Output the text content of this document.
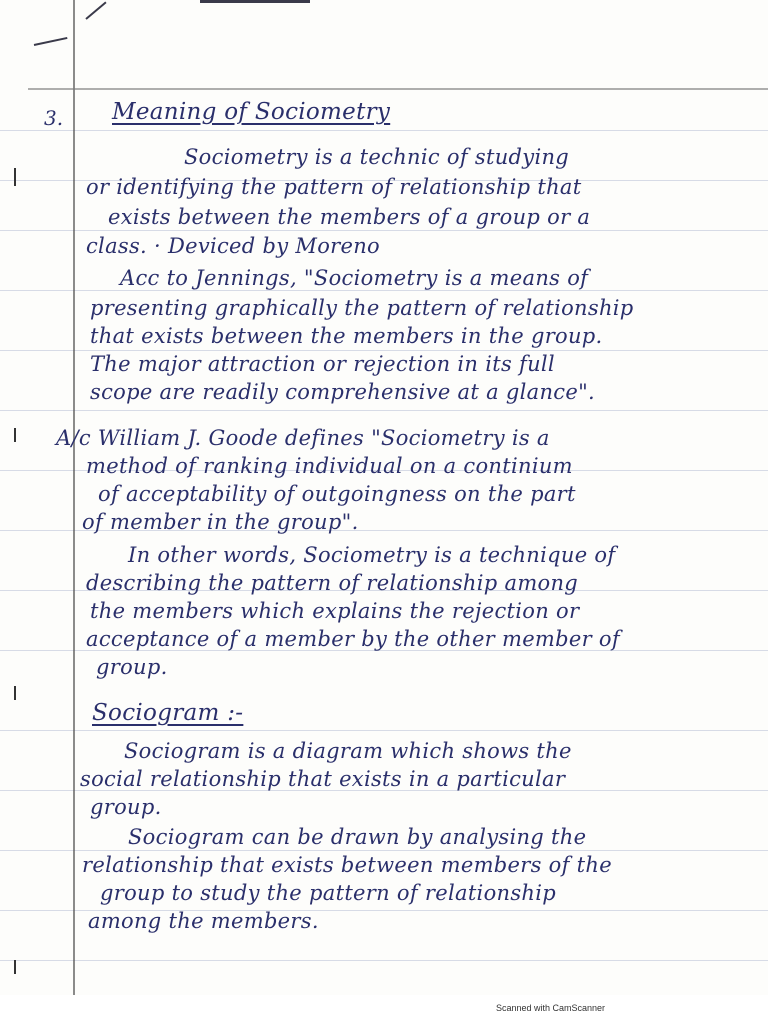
3. Meaning of Sociometry
Sociometry is a technic of studying
or identifying the pattern of relationship that
exists between the members of a group or a
class. · Deviced by Moreno
Acc to Jennings, "Sociometry is a means of
presenting graphically the pattern of relationship
that exists between the members in the group.
The major attraction or rejection in its full
scope are readily comprehensive at a glance".
A/c William J. Goode defines "Sociometry is a
method of ranking individual on a continium
of acceptability of outgoingness on the part
of member in the group".
In other words, Sociometry is a technique of
describing the pattern of relationship among
the members which explains the rejection or
acceptance of a member by the other member of
group.
Sociogram :-
Sociogram is a diagram which shows the
social relationship that exists in a particular
group.
Sociogram can be drawn by analysing the
relationship that exists between members of the
group to study the pattern of relationship
among the members.
Scanned with CamScanner
